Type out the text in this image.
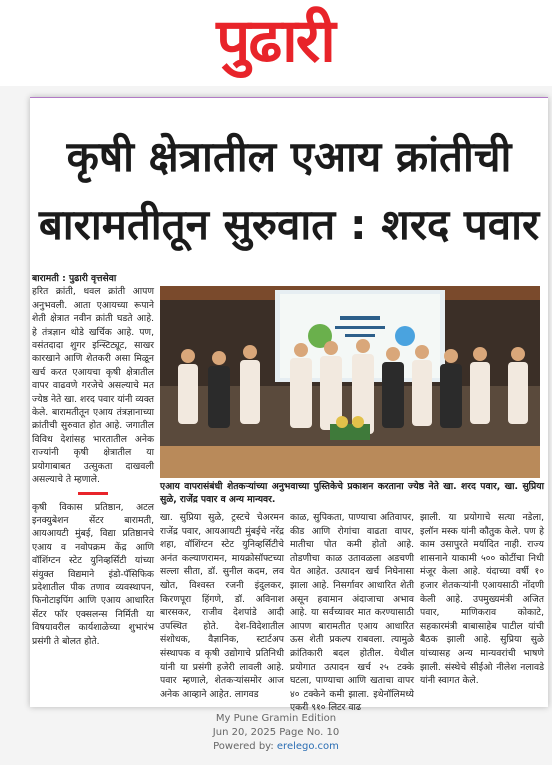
पुढारी
कृषी क्षेत्रातील एआय क्रांतीची
बारामतीतून सुरुवात : शरद पवार

बारामती : पुढारी वृत्तसेवा

हरित क्रांती, धवल क्रांती आपण अनुभवली. आता एआयच्या रूपाने शेती क्षेत्रात नवीन क्रांती घडते आहे. हे तंत्रज्ञान थोडे खर्चिक आहे. पण, वसंतदादा शुगर इन्स्टिट्यूट, साखर कारखाने आणि शेतकरी असा मिळून खर्च करत एआयचा कृषी क्षेत्रातील वापर वाढवणे गरजेचे असल्याचे मत ज्येष्ठ नेते खा. शरद पवार यांनी व्यक्त केले. बारामतीतून एआय तंत्रज्ञानाच्या क्रांतीची सुरुवात होत आहे. जगातील विविध देशांसह भारतातील अनेक राज्यांनी कृषी क्षेत्रातील या प्रयोगाबाबत उत्सुकता दाखवली असल्याचे ते म्हणाले.

कृषी विकास प्रतिष्ठान, अटल इनक्युबेशन सेंटर बारामती, आयआयटी मुंबई, विद्या प्रतिष्ठानचे एआय व नवोपक्रम केंद्र आणि वॉशिंग्टन स्टेट युनिव्हर्सिटी यांच्या संयुक्त विद्यमाने इंडो-पॅसिफिक प्रदेशातील पीक तणाव व्यवस्थापन, फिनोटाइपिंग आणि एआय आधारित सेंटर फॉर एक्सलन्स निर्मिती या विषयावरील कार्यशाळेच्या शुभारंभ प्रसंगी ते बोलत होते.

एआय वापरासंबंधी शेतकऱ्यांच्या अनुभवाच्या पुस्तिकेचे प्रकाशन करताना ज्येष्ठ नेते खा. शरद पवार, खा. सुप्रिया सुळे, राजेंद्र पवार व अन्य मान्यवर.

खा. सुप्रिया सुळे, ट्रस्टचे चेअरमन राजेंद्र पवार, आयआयटी मुंबईचे नरेंद्र शहा, वॉशिंग्टन स्टेट युनिव्हर्सिटीचे अनंत कल्याणरामन, मायक्रोसॉफ्टच्या सल्ला सीता, डॉ. सुनील कदम, लव खोत, विश्वस्त रजनी इंदुलकर, किरणपूरा हिंगणे, डॉ. अविनाश बारसकर, राजीव देशपांडे आदी उपस्थित होते. देश-विदेशातील संशोधक, वैज्ञानिक, स्टार्टअप संस्थापक व कृषी उद्योगाचे प्रतिनिधी यांनी या प्रसंगी हजेरी लावली आहे. पवार म्हणाले, शेतकऱ्यांसमोर आज अनेक आव्हाने आहेत. लागवड

काळ, सुपिकता, पाण्याचा अतिवापर, कीड आणि रोगांचा वाढता वापर, मातीचा पोत कमी होतो आहे. तोडणीचा काळ उतावळला अडचणी येत आहेत. उत्पादन खर्च निघेनासा झाला आहे. निसर्गावर आधारित शेती असून हवामान अंदाजाचा अभाव आहे. या सर्वच्यावर मात करण्यासाठी आपण बारामतीत एआय आधारित ऊस शेती प्रकल्प राबवला. त्यामुळे क्रांतिकारी बदल होतील. येथील प्रयोगात उत्पादन खर्च २५ टक्के घटला, पाण्याचा आणि खताचा वापर ४० टक्केने कमी झाला. इथेनॉलिमध्ये एकरी ९१० लिटर वाढ

झाली. या प्रयोगाचे सत्या नडेला, इलॉन मस्क यांनी कौतुक केले. पण हे काम उसापुरते मर्यादित नाही. राज्य शासनाने याकामी ५०० कोटींचा निधी मंजूर केला आहे. यंदाच्या वर्षी १० हजार शेतकऱ्यांनी एआयसाठी नोंदणी केली आहे. उपमुख्यमंत्री अजित पवार, माणिकराव कोकाटे, सहकारमंत्री बाबासाहेब पाटील यांची बैठक झाली आहे. सुप्रिया सुळे यांच्यासह अन्य मान्यवरांची भाषणे झाली. संस्थेचे सीईओ नीलेश नलावडे यांनी स्वागत केले.

My Pune Gramin Edition
Jun 20, 2025 Page No. 10
Powered by: erelego.com
